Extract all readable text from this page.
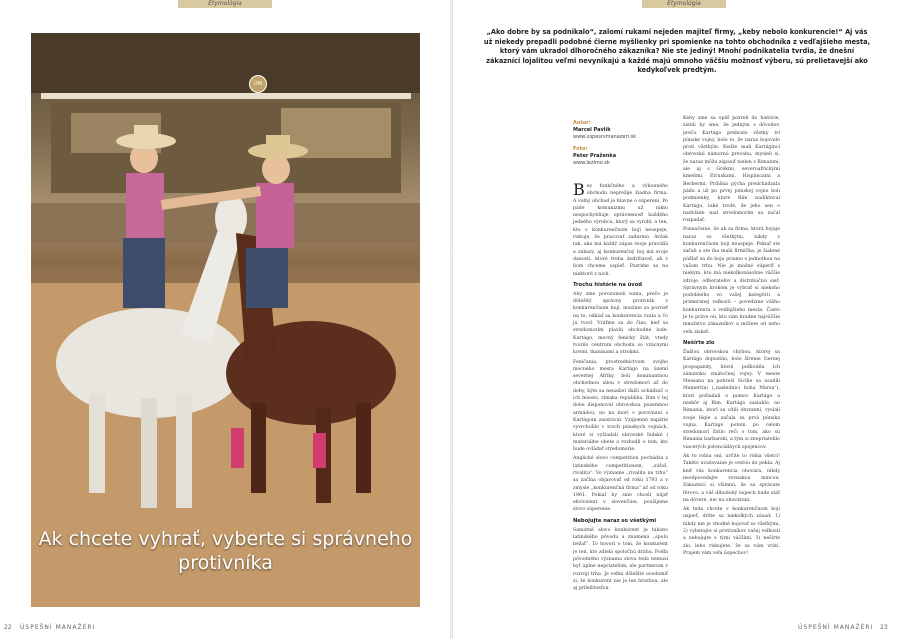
Etymológia	Etymológia
ÚM
Ak chcete vyhrať, vyberte si správneho protivníka
22 ÚSPEŠNÍ MANAŽÉRI	ÚSPEŠNÍ MANAŽÉRI 23
„Ako dobre by sa podnikalo“, zalomí rukami nejeden majiteľ firmy, „keby nebolo konkurencie!“ Aj vás už niekedy prepadli podobné čierne myšlienky pri spomienke na tohto obchodníka z vedľajšieho mesta, ktorý vám ukradol dlhoročného zákazníka? Nie ste jediný! Mnohí podnikatelia tvrdia, že dnešní zákazníci lojalitou veľmi nevynikajú a každé majú omnoho väčšiu možnosť výberu, sú prelietavejší ako kedykoľvek predtým.
Autor:
Marcel Pavlík
www.uspesnimanazeri.sk
Foto:
Peter Praženka
www.lezimo.sk

Bez funkčného a výkonného obchodu neprežije žiadna firma. A voľný obchod je hlavne o súperení. Po páde komunizmu už nikto nespochybňuje oprávnenosť každého jedného výrobcu, ktorý sa vyrobí, a ten, kto v konkurenčnom boji neuspeje, riskuje, že pracovať zadarmo. Avšak tak, ako má každý zápas svoje pravidlá a zákazy, aj konkurenčný boj má svoje danosti, ktoré treba dodržiavať, ak v ňom chceme uspieť. Pozrime sa na niektoré z nich.

Trochu histórie na úvod

Aby sme porozumeli tomu, prečo je dôležitý správny protivník v konkurenčnom boji, musíme sa pozrieť na to, odkiaľ sa konkurencia vzala a čo ju tvorí. Vráťme sa do čias, keď sa stredomorím plavili obchodné lode. Kartágo, mocný fenícky štát, vtedy tvorilo centrum obchodu so vzácnymi kovmi, tkaninami a otrokmi.

Feničania, prostredníctvom svojho mocného mesta Kartágo na území severnej Afriky, boli dominantnou obchodnou silou v stredomorí až do doby, kým sa nenašiel ďalší uchádzač o ich miesto, rímska republika. Rim v tej dobe disponoval obrovskou pozemnou armádou, no na mori v porovnaní s Kartágom zaostával. Vzájomné napätie vyvrcholilo v troch púnskych vojnách, ktoré si vyžiadali obrovské ľudské i materiálne obete a rozhodli o tom, kto bude ovládať stredomorie.

Anglické slovo competition pochádza z latinského competitionem, „súťaž, rivalita“. Vo význame „rivalita na trhu“ sa začína objavovať od roku 1793 a v zmysle „konkurenčná firma“ až od roku 1961. Pokiaľ by sme chceli nájsť ekvivalent v slovenčine, použijeme slovo súperenie.

Nebojujte naraz so všetkými

Samotné slovo konkurent je takisto latinského pôvodu a znamená „spolu bežať“. To hovorí o tom, že konkurent je ten, kto zdieľa spoločnú dráhu. Podľa pôvodného významu slova teda nemusí byť úplne nepriateľom, ale partnerom v rozvoji trhu. Je veľmi dôležité uvedomiť si, že konkurent nie je len hrozbou, ale aj príležitosťou.

Keby sme sa opäť pozreli do histórie, zistili by sme, že jedným z dôvodov, prečo Kartágo prehralo všetky tri púnske vojny, bolo to, že naraz bojovalo proti všetkým. Kedže mali Kartáginci obrovskú námornú prevahu, mysleli si, že naraz môžu zápasiť nielen s Rimanmi, ale aj s Grékmi, severoafrickými kmeňmi, Etruskami, Hispáncami a Berbermi. Prílišná pýcha predchádzala pádu a už po prvej púnskej vojne boli podmienky, ktoré Rím nadiktoval Kartágu, také tvrdé, že jeho sen o nadvláde nad stredomorím sa začal rozpadať.

Ponaučenie, že ak sa firma, ktorá bojuje naraz so všetkými, nikdy v konkurenčnom boji neuspeje. Pokiaľ ste začali a ste iba malá firmička, je šialené púšťať sa do boja priamo s jednotkou na vašom trhu. Nie je možné súperiť s niekým, kto má niekoľkonásobne väčšie zdroje, odberateľov a distribučnú sieť. Správnym krokom je vybrať si niekoho podobného vo vašej kategórii a primeranej veľkosti – povedzme vášho konkurenta z vedľajšieho mesta. Často je to práve on, kto vám kradne najväčšie množstvo zákazníkov a môžete od neho veľa získať.

Nešírte zlo

Ďalšou obrovskou chybou, ktorej sa Kartágo dopustilo, bolo šírenie čiernej propagandy, ktorá poškodila ich zámienku zmätočnej vojny. V meste Messana na pobreží Sicílie sa usadili Mamertini („naslednici boha Marsa“), ktorí požiadali o pomoc Kartágo a neskôr aj Rím. Kartágo zasiahlo, no Rimania, ktorí sa cítili ohrození, vyslali svoje légie a začala sa prvá púnska vojna. Kartágo potom po celom stredomorí šírilo reči o tom, ako sú Rimania barbarskí, a tým si znepriatelilo viacerých potenciálnych spojencov.

Ak to robia oni, určite to robia všetci! Takéto uvažovanie je cestou do pekla. Aj keď vás konkurencia ohovára, nikdy neodpovedajte rovnakou mincou. Zákazníci si všimnú, že sa správate férovo, a váš dlhodobý úspech bude stáť na dôvere, nie na ohováraní.

Ak teda chcete v konkurenčnom boji uspieť, držte sa niekoľkých zásad: 1) nikdy nie je vhodné bojovať so všetkými, 2) vyberajte si protivníkov vašej veľkosti a nebojujte s tými väčšími, 3) nešírte zlo, lebo riskujete, že sa vám vráti. Prajem vám veľa úspechov!
